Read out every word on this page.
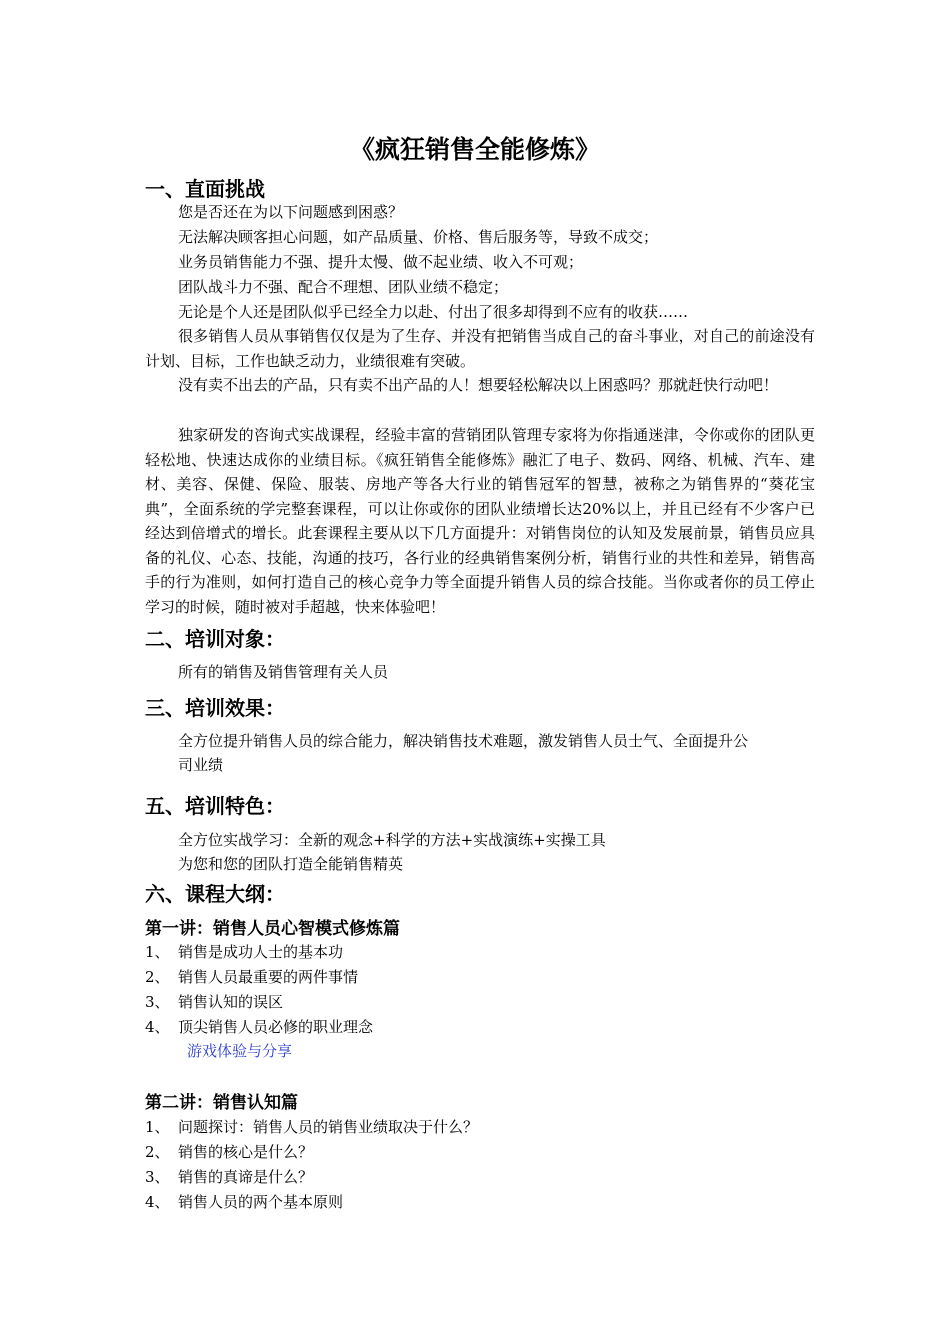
《疯狂销售全能修炼》
一、直面挑战
您是否还在为以下问题感到困惑？
无法解决顾客担心问题，如产品质量、价格、售后服务等，导致不成交；
业务员销售能力不强、提升太慢、做不起业绩、收入不可观；
团队战斗力不强、配合不理想、团队业绩不稳定；
无论是个人还是团队似乎已经全力以赴、付出了很多却得到不应有的收获……
很多销售人员从事销售仅仅是为了生存、并没有把销售当成自己的奋斗事业，对自己的前途没有计划、目标，工作也缺乏动力，业绩很难有突破。
没有卖不出去的产品，只有卖不出产品的人！想要轻松解决以上困惑吗？那就赶快行动吧！
独家研发的咨询式实战课程，经验丰富的营销团队管理专家将为你指通迷津，令你或你的团队更轻松地、快速达成你的业绩目标。《疯狂销售全能修炼》融汇了电子、数码、网络、机械、汽车、建材、美容、保健、保险、服装、房地产等各大行业的销售冠军的智慧，被称之为销售界的“葵花宝典”，全面系统的学完整套课程，可以让你或你的团队业绩增长达20%以上，并且已经有不少客户已经达到倍增式的增长。此套课程主要从以下几方面提升：对销售岗位的认知及发展前景，销售员应具备的礼仪、心态、技能，沟通的技巧，各行业的经典销售案例分析，销售行业的共性和差异，销售高手的行为准则，如何打造自己的核心竞争力等全面提升销售人员的综合技能。当你或者你的员工停止学习的时候，随时被对手超越，快来体验吧！
二、培训对象：
所有的销售及销售管理有关人员
三、培训效果：
全方位提升销售人员的综合能力，解决销售技术难题，激发销售人员士气、全面提升公
司业绩
五、培训特色：
全方位实战学习：全新的观念+科学的方法+实战演练+实操工具
为您和您的团队打造全能销售精英
六、课程大纲：
第一讲：销售人员心智模式修炼篇
1、 销售是成功人士的基本功
2、 销售人员最重要的两件事情
3、 销售认知的误区
4、 顶尖销售人员必修的职业理念
游戏体验与分享
第二讲：销售认知篇
1、 问题探讨：销售人员的销售业绩取决于什么？
2、 销售的核心是什么？
3、 销售的真谛是什么？
4、 销售人员的两个基本原则
